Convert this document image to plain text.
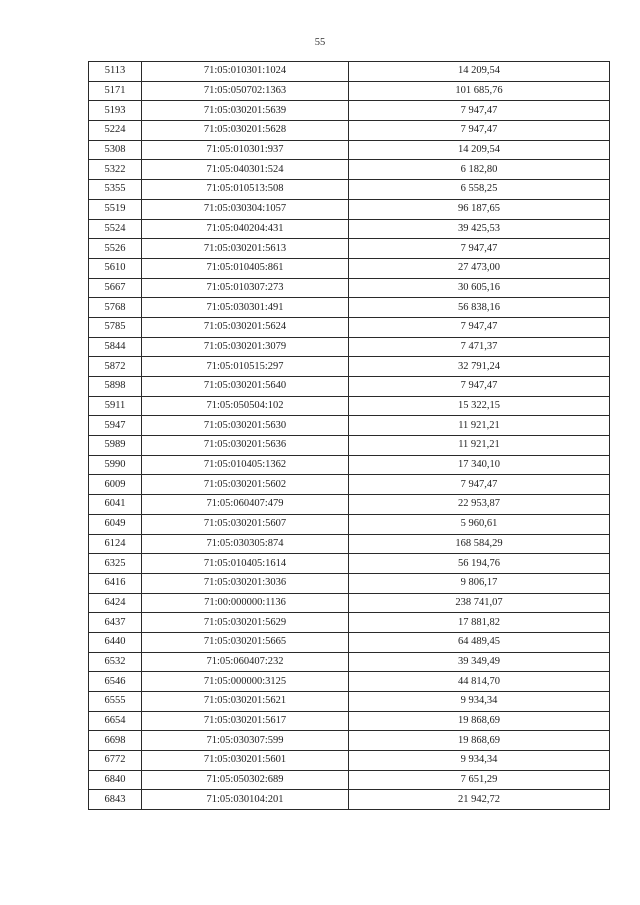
55
5113	71:05:010301:1024	14 209,54
5171	71:05:050702:1363	101 685,76
5193	71:05:030201:5639	7 947,47
5224	71:05:030201:5628	7 947,47
5308	71:05:010301:937	14 209,54
5322	71:05:040301:524	6 182,80
5355	71:05:010513:508	6 558,25
5519	71:05:030304:1057	96 187,65
5524	71:05:040204:431	39 425,53
5526	71:05:030201:5613	7 947,47
5610	71:05:010405:861	27 473,00
5667	71:05:010307:273	30 605,16
5768	71:05:030301:491	56 838,16
5785	71:05:030201:5624	7 947,47
5844	71:05:030201:3079	7 471,37
5872	71:05:010515:297	32 791,24
5898	71:05:030201:5640	7 947,47
5911	71:05:050504:102	15 322,15
5947	71:05:030201:5630	11 921,21
5989	71:05:030201:5636	11 921,21
5990	71:05:010405:1362	17 340,10
6009	71:05:030201:5602	7 947,47
6041	71:05:060407:479	22 953,87
6049	71:05:030201:5607	5 960,61
6124	71:05:030305:874	168 584,29
6325	71:05:010405:1614	56 194,76
6416	71:05:030201:3036	9 806,17
6424	71:00:000000:1136	238 741,07
6437	71:05:030201:5629	17 881,82
6440	71:05:030201:5665	64 489,45
6532	71:05:060407:232	39 349,49
6546	71:05:000000:3125	44 814,70
6555	71:05:030201:5621	9 934,34
6654	71:05:030201:5617	19 868,69
6698	71:05:030307:599	19 868,69
6772	71:05:030201:5601	9 934,34
6840	71:05:050302:689	7 651,29
6843	71:05:030104:201	21 942,72
